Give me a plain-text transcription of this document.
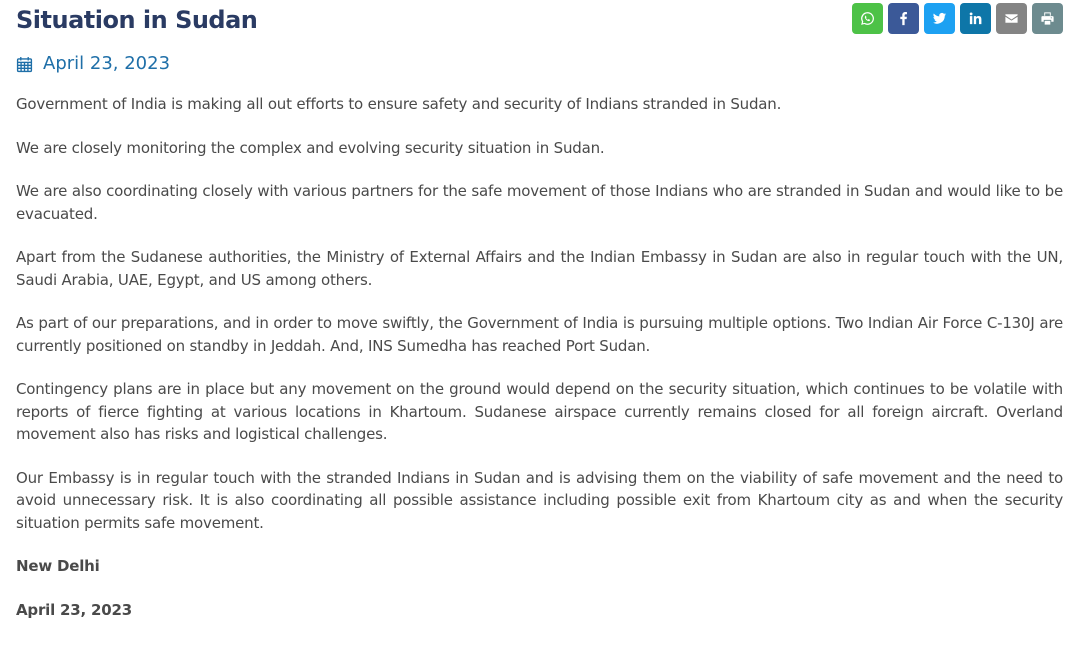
Situation in Sudan
April 23, 2023

Government of India is making all out efforts to ensure safety and security of Indians stranded in Sudan.

We are closely monitoring the complex and evolving security situation in Sudan.

We are also coordinating closely with various partners for the safe movement of those Indians who are stranded in Sudan and would like to be evacuated.

Apart from the Sudanese authorities, the Ministry of External Affairs and the Indian Embassy in Sudan are also in regular touch with the UN, Saudi Arabia, UAE, Egypt, and US among others.

As part of our preparations, and in order to move swiftly, the Government of India is pursuing multiple options. Two Indian Air Force C-130J are currently positioned on standby in Jeddah. And, INS Sumedha has reached Port Sudan.

Contingency plans are in place but any movement on the ground would depend on the security situation, which continues to be volatile with reports of fierce fighting at various locations in Khartoum. Sudanese airspace currently remains closed for all foreign aircraft. Overland movement also has risks and logistical challenges.

Our Embassy is in regular touch with the stranded Indians in Sudan and is advising them on the viability of safe movement and the need to avoid unnecessary risk. It is also coordinating all possible assistance including possible exit from Khartoum city as and when the security situation permits safe movement.

New Delhi

April 23, 2023
